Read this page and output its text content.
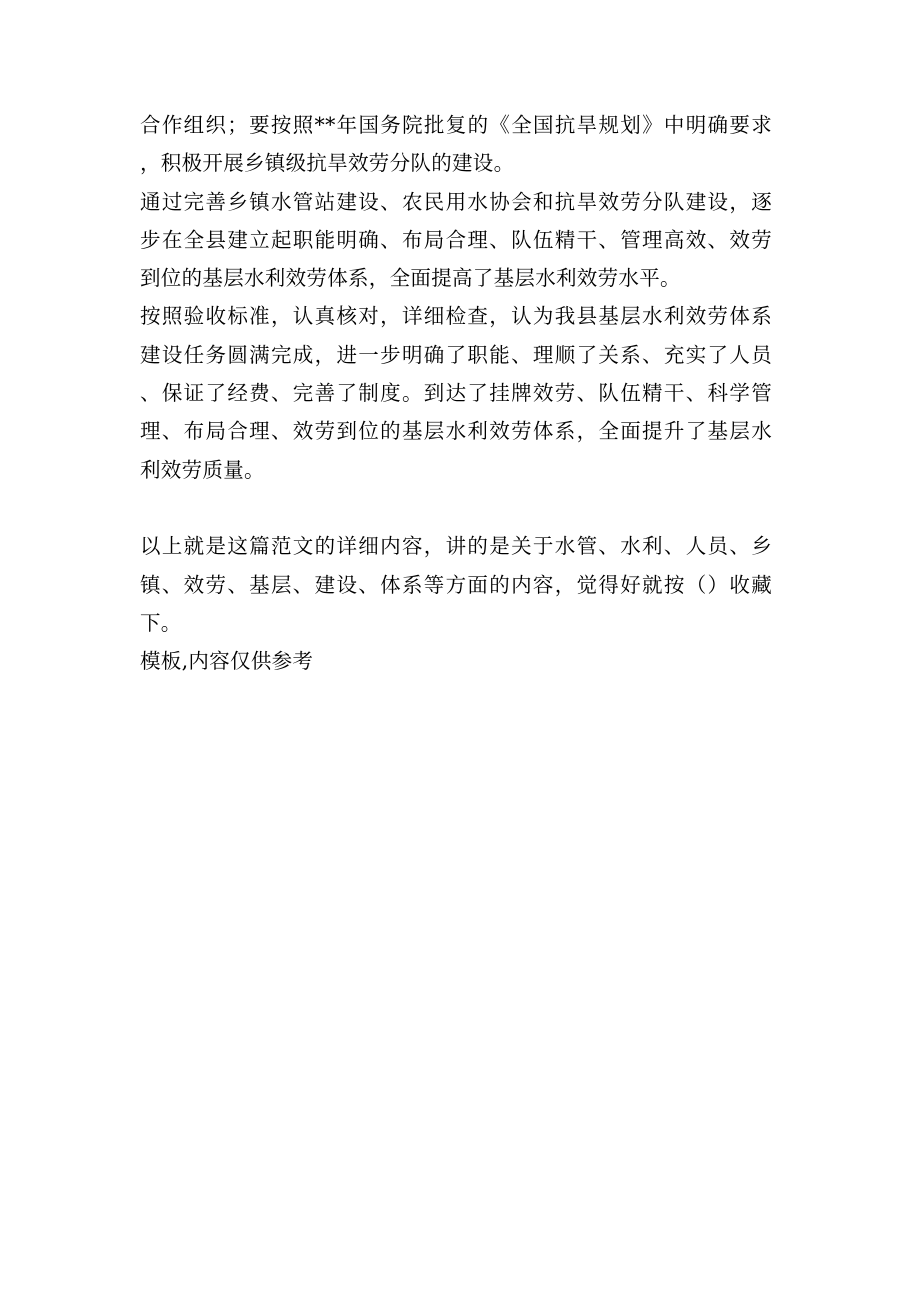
合作组织；要按照**年国务院批复的《全国抗旱规划》中明确要求
，积极开展乡镇级抗旱效劳分队的建设。
通过完善乡镇水管站建设、农民用水协会和抗旱效劳分队建设，逐
步在全县建立起职能明确、布局合理、队伍精干、管理高效、效劳
到位的基层水利效劳体系，全面提高了基层水利效劳水平。
按照验收标准，认真核对，详细检查，认为我县基层水利效劳体系
建设任务圆满完成，进一步明确了职能、理顺了关系、充实了人员
、保证了经费、完善了制度。到达了挂牌效劳、队伍精干、科学管
理、布局合理、效劳到位的基层水利效劳体系，全面提升了基层水
利效劳质量。
以上就是这篇范文的详细内容，讲的是关于水管、水利、人员、乡
镇、效劳、基层、建设、体系等方面的内容，觉得好就按（）收藏
下。
模板,内容仅供参考
